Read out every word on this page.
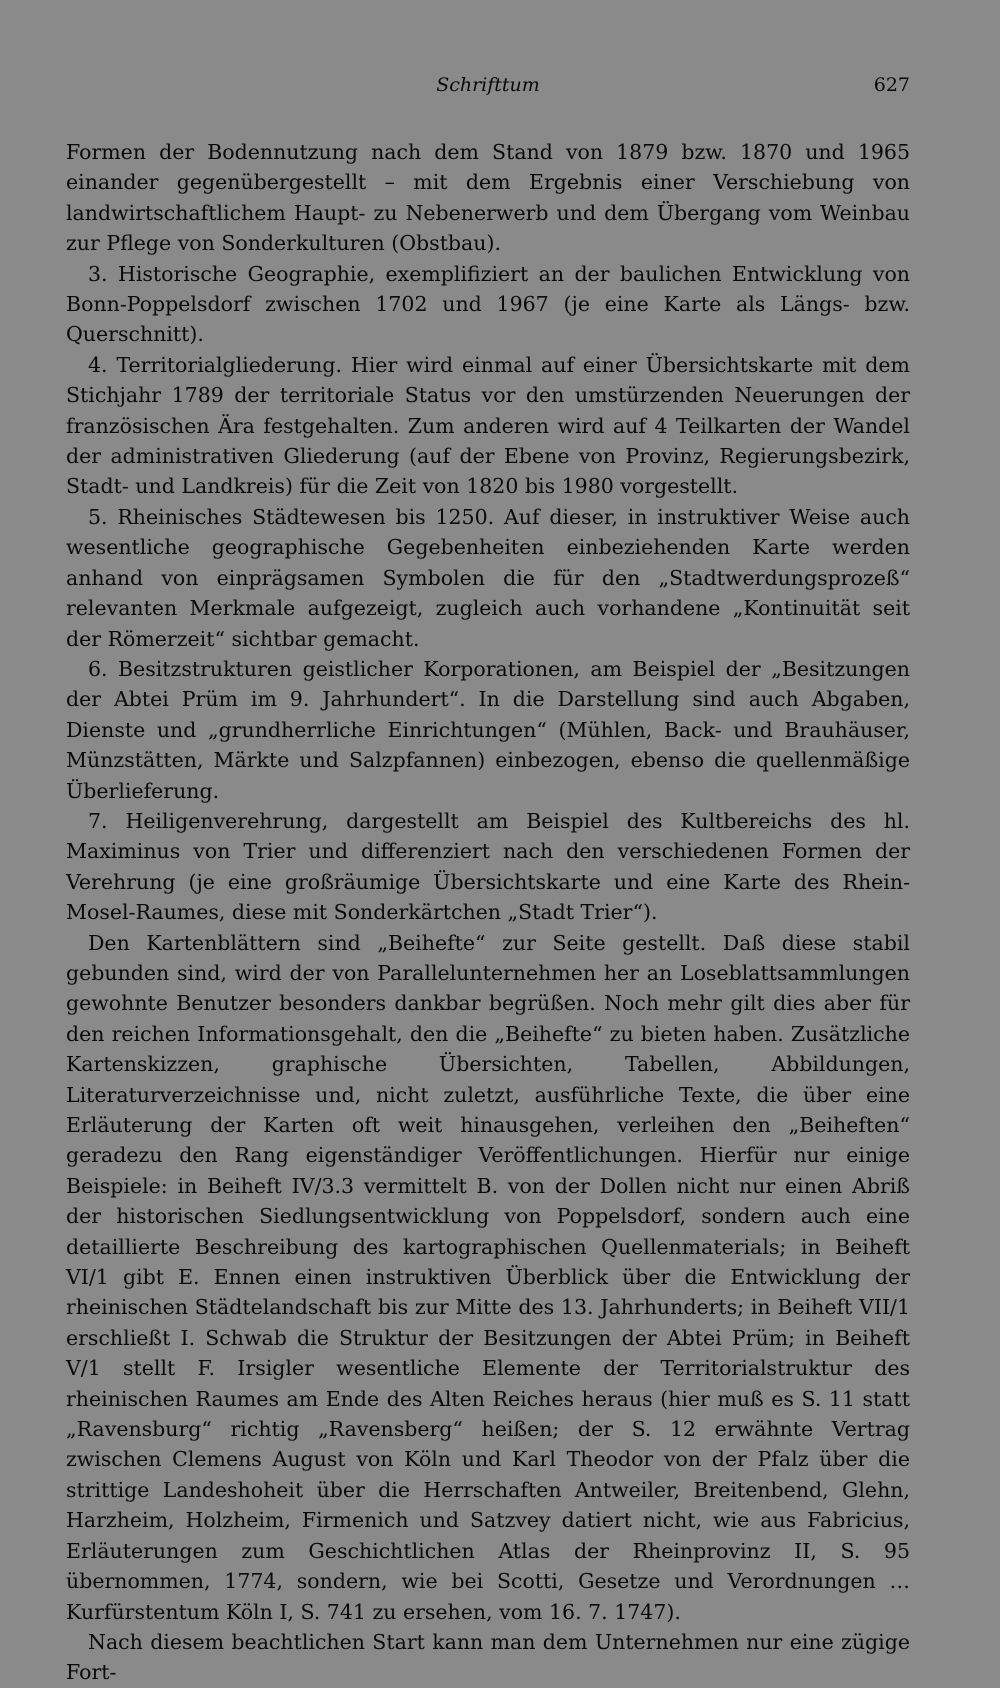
Schrifttum	627

Formen der Bodennutzung nach dem Stand von 1879 bzw. 1870 und 1965 einander gegenübergestellt – mit dem Ergebnis einer Verschiebung von landwirtschaftlichem Haupt- zu Nebenerwerb und dem Übergang vom Weinbau zur Pflege von Sonderkulturen (Obstbau).

3. Historische Geographie, exemplifiziert an der baulichen Entwicklung von Bonn-Poppelsdorf zwischen 1702 und 1967 (je eine Karte als Längs- bzw. Querschnitt).

4. Territorialgliederung. Hier wird einmal auf einer Übersichtskarte mit dem Stichjahr 1789 der territoriale Status vor den umstürzenden Neuerungen der französischen Ära festgehalten. Zum anderen wird auf 4 Teilkarten der Wandel der administrativen Gliederung (auf der Ebene von Provinz, Regierungsbezirk, Stadt- und Landkreis) für die Zeit von 1820 bis 1980 vorgestellt.

5. Rheinisches Städtewesen bis 1250. Auf dieser, in instruktiver Weise auch wesentliche geographische Gegebenheiten einbeziehenden Karte werden anhand von einprägsamen Symbolen die für den „Stadtwerdungsprozeß“ relevanten Merkmale aufgezeigt, zugleich auch vorhandene „Kontinuität seit der Römerzeit“ sichtbar gemacht.

6. Besitzstrukturen geistlicher Korporationen, am Beispiel der „Besitzungen der Abtei Prüm im 9. Jahrhundert“. In die Darstellung sind auch Abgaben, Dienste und „grundherrliche Einrichtungen“ (Mühlen, Back- und Brauhäuser, Münzstätten, Märkte und Salzpfannen) einbezogen, ebenso die quellenmäßige Überlieferung.

7. Heiligenverehrung, dargestellt am Beispiel des Kultbereichs des hl. Maximinus von Trier und differenziert nach den verschiedenen Formen der Verehrung (je eine großräumige Übersichtskarte und eine Karte des Rhein-Mosel-Raumes, diese mit Sonderkärtchen „Stadt Trier“).

Den Kartenblättern sind „Beihefte“ zur Seite gestellt. Daß diese stabil gebunden sind, wird der von Parallelunternehmen her an Loseblattsammlungen gewohnte Benutzer besonders dankbar begrüßen. Noch mehr gilt dies aber für den reichen Informationsgehalt, den die „Beihefte“ zu bieten haben. Zusätzliche Kartenskizzen, graphische Übersichten, Tabellen, Abbildungen, Literaturverzeichnisse und, nicht zuletzt, ausführliche Texte, die über eine Erläuterung der Karten oft weit hinausgehen, verleihen den „Beiheften“ geradezu den Rang eigenständiger Veröffentlichungen. Hierfür nur einige Beispiele: in Beiheft IV/3.3 vermittelt B. von der Dollen nicht nur einen Abriß der historischen Siedlungsentwicklung von Poppelsdorf, sondern auch eine detaillierte Beschreibung des kartographischen Quellenmaterials; in Beiheft VI/1 gibt E. Ennen einen instruktiven Überblick über die Entwicklung der rheinischen Städtelandschaft bis zur Mitte des 13. Jahrhunderts; in Beiheft VII/1 erschließt I. Schwab die Struktur der Besitzungen der Abtei Prüm; in Beiheft V/1 stellt F. Irsigler wesentliche Elemente der Territorialstruktur des rheinischen Raumes am Ende des Alten Reiches heraus (hier muß es S. 11 statt „Ravensburg“ richtig „Ravensberg“ heißen; der S. 12 erwähnte Vertrag zwischen Clemens August von Köln und Karl Theodor von der Pfalz über die strittige Landeshoheit über die Herrschaften Antweiler, Breitenbend, Glehn, Harzheim, Holzheim, Firmenich und Satzvey datiert nicht, wie aus Fabricius, Erläuterungen zum Geschichtlichen Atlas der Rheinprovinz II, S. 95 übernommen, 1774, sondern, wie bei Scotti, Gesetze und Verordnungen … Kurfürstentum Köln I, S. 741 zu ersehen, vom 16. 7. 1747).

Nach diesem beachtlichen Start kann man dem Unternehmen nur eine zügige Fort-
